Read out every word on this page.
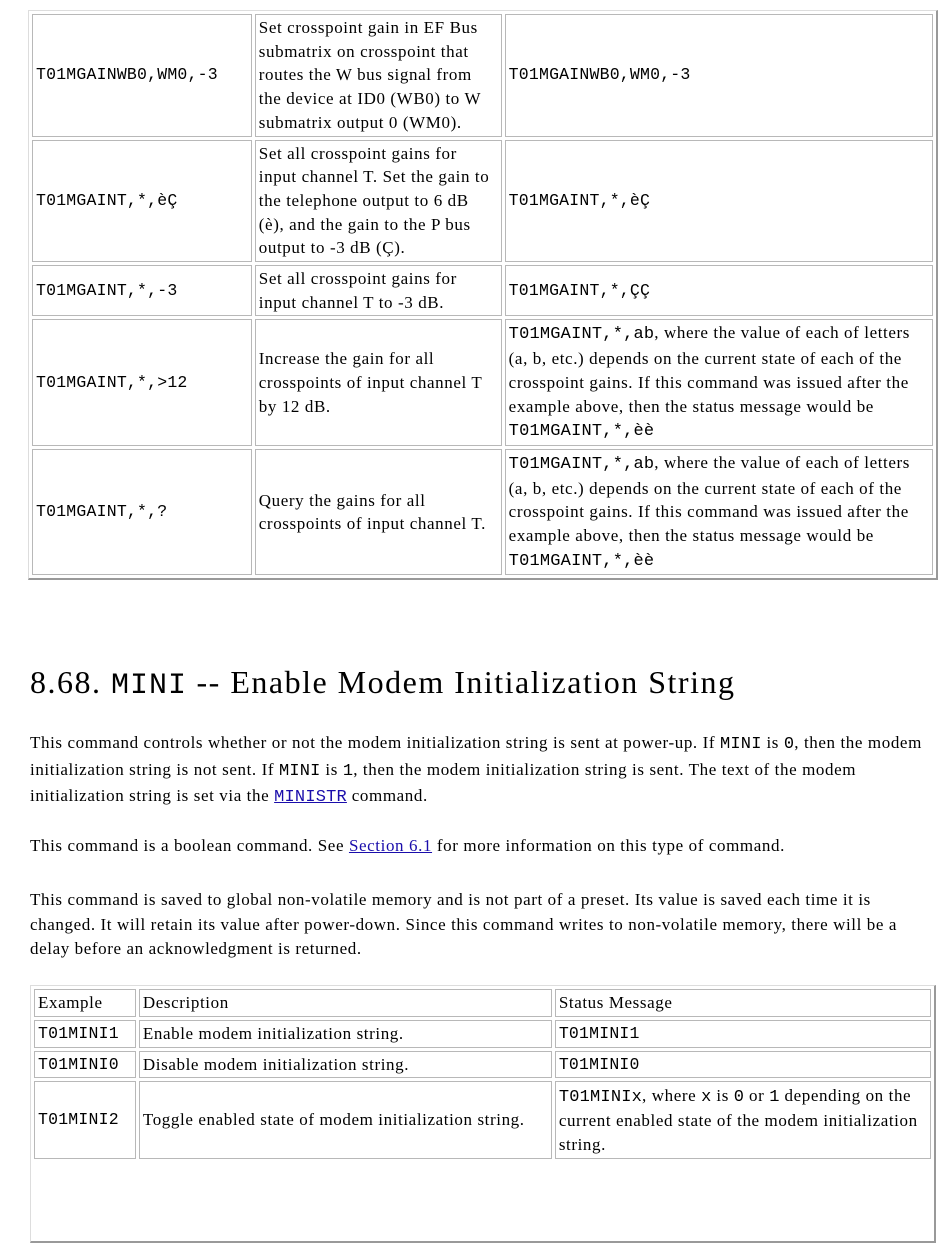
T01MGAINWB0,WM0,-3	Set crosspoint gain in EF Bus submatrix on crosspoint that routes the W bus signal from the device at ID0 (WB0) to W submatrix output 0 (WM0).	T01MGAINWB0,WM0,-3
T01MGAINT,*,èÇ	Set all crosspoint gains for input channel T. Set the gain to the telephone output to 6 dB (è), and the gain to the P bus output to -3 dB (Ç).	T01MGAINT,*,èÇ
T01MGAINT,*,-3	Set all crosspoint gains for input channel T to -3 dB.	T01MGAINT,*,ÇÇ
T01MGAINT,*,>12	Increase the gain for all crosspoints of input channel T by 12 dB.	T01MGAINT,*,ab, where the value of each of letters (a, b, etc.) depends on the current state of each of the crosspoint gains. If this command was issued after the example above, then the status message would be T01MGAINT,*,èè
T01MGAINT,*,?	Query the gains for all crosspoints of input channel T.	T01MGAINT,*,ab, where the value of each of letters (a, b, etc.) depends on the current state of each of the crosspoint gains. If this command was issued after the example above, then the status message would be T01MGAINT,*,èè
8.68. MINI -- Enable Modem Initialization String

This command controls whether or not the modem initialization string is sent at power-up. If MINI is 0, then the modem initialization string is not sent. If MINI is 1, then the modem initialization string is sent. The text of the modem initialization string is set via the MINISTR command.

This command is a boolean command. See Section 6.1 for more information on this type of command.

This command is saved to global non-volatile memory and is not part of a preset. Its value is saved each time it is changed. It will retain its value after power-down. Since this command writes to non-volatile memory, there will be a delay before an acknowledgment is returned.

Example	Description	Status Message
T01MINI1	Enable modem initialization string.	T01MINI1
T01MINI0	Disable modem initialization string.	T01MINI0
T01MINI2	Toggle enabled state of modem initialization string.	T01MINIx, where x is 0 or 1 depending on the current enabled state of the modem initialization string.
